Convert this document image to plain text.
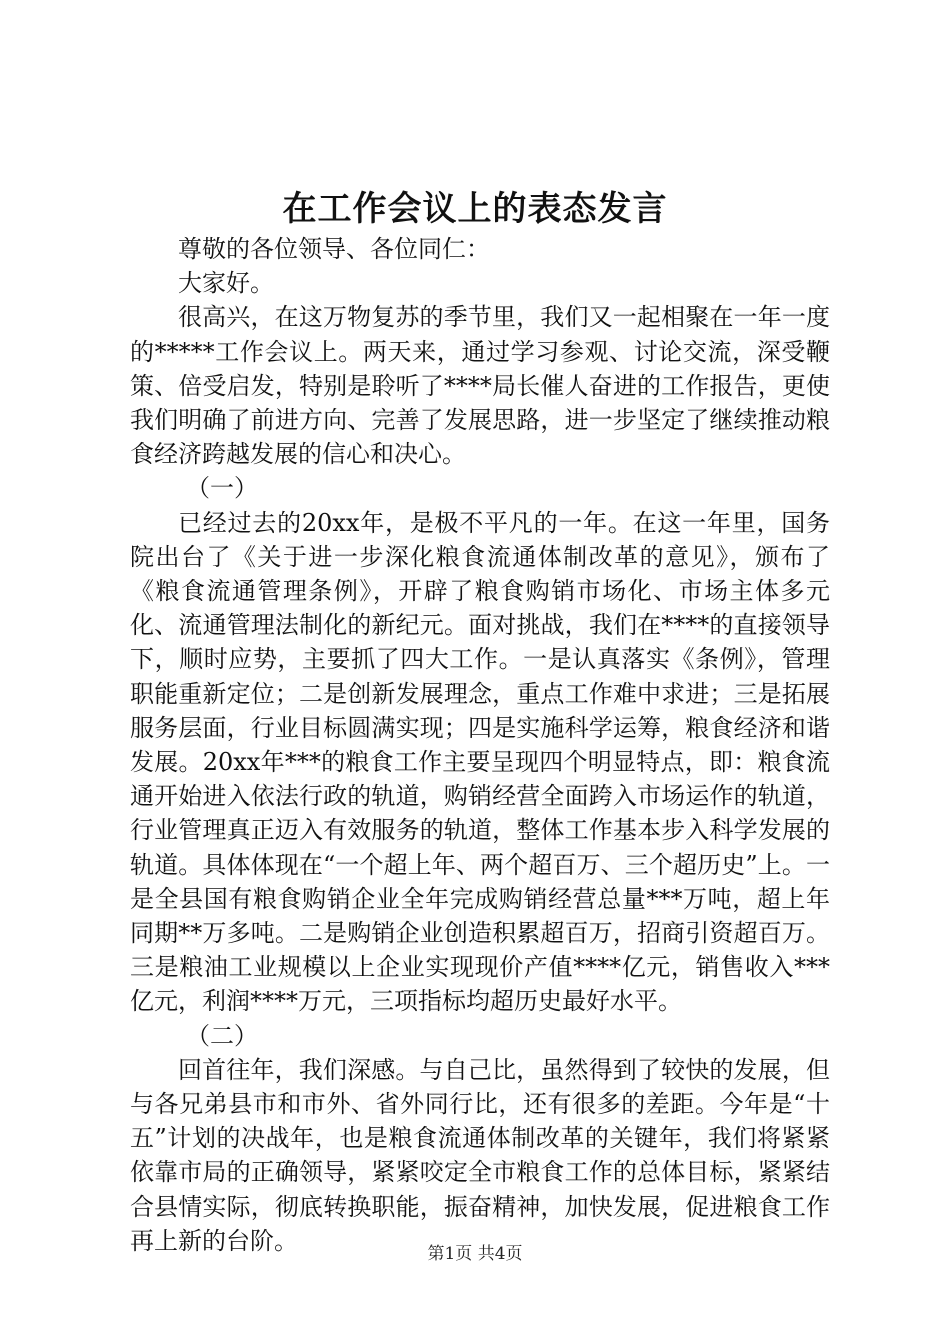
在工作会议上的表态发言

尊敬的各位领导、各位同仁：

大家好。

很高兴，在这万物复苏的季节里，我们又一起相聚在一年一度的*****工作会议上。两天来，通过学习参观、讨论交流，深受鞭策、倍受启发，特别是聆听了****局长催人奋进的工作报告，更使我们明确了前进方向、完善了发展思路，进一步坚定了继续推动粮食经济跨越发展的信心和决心。

（一）

已经过去的20xx年，是极不平凡的一年。在这一年里，国务院出台了《关于进一步深化粮食流通体制改革的意见》，颁布了《粮食流通管理条例》，开辟了粮食购销市场化、市场主体多元化、流通管理法制化的新纪元。面对挑战，我们在****的直接领导下，顺时应势，主要抓了四大工作。一是认真落实《条例》，管理职能重新定位；二是创新发展理念，重点工作难中求进；三是拓展服务层面，行业目标圆满实现；四是实施科学运筹，粮食经济和谐发展。20xx年***的粮食工作主要呈现四个明显特点，即：粮食流通开始进入依法行政的轨道，购销经营全面跨入市场运作的轨道，行业管理真正迈入有效服务的轨道，整体工作基本步入科学发展的轨道。具体体现在“一个超上年、两个超百万、三个超历史”上。一是全县国有粮食购销企业全年完成购销经营总量***万吨，超上年同期**万多吨。二是购销企业创造积累超百万，招商引资超百万。三是粮油工业规模以上企业实现现价产值****亿元，销售收入***亿元，利润****万元，三项指标均超历史最好水平。

（二）

回首往年，我们深感。与自己比，虽然得到了较快的发展，但与各兄弟县市和市外、省外同行比，还有很多的差距。今年是“十五”计划的决战年，也是粮食流通体制改革的关键年，我们将紧紧依靠市局的正确领导，紧紧咬定全市粮食工作的总体目标，紧紧结合县情实际，彻底转换职能，振奋精神，加快发展，促进粮食工作再上新的台阶。	第1页 共4页
